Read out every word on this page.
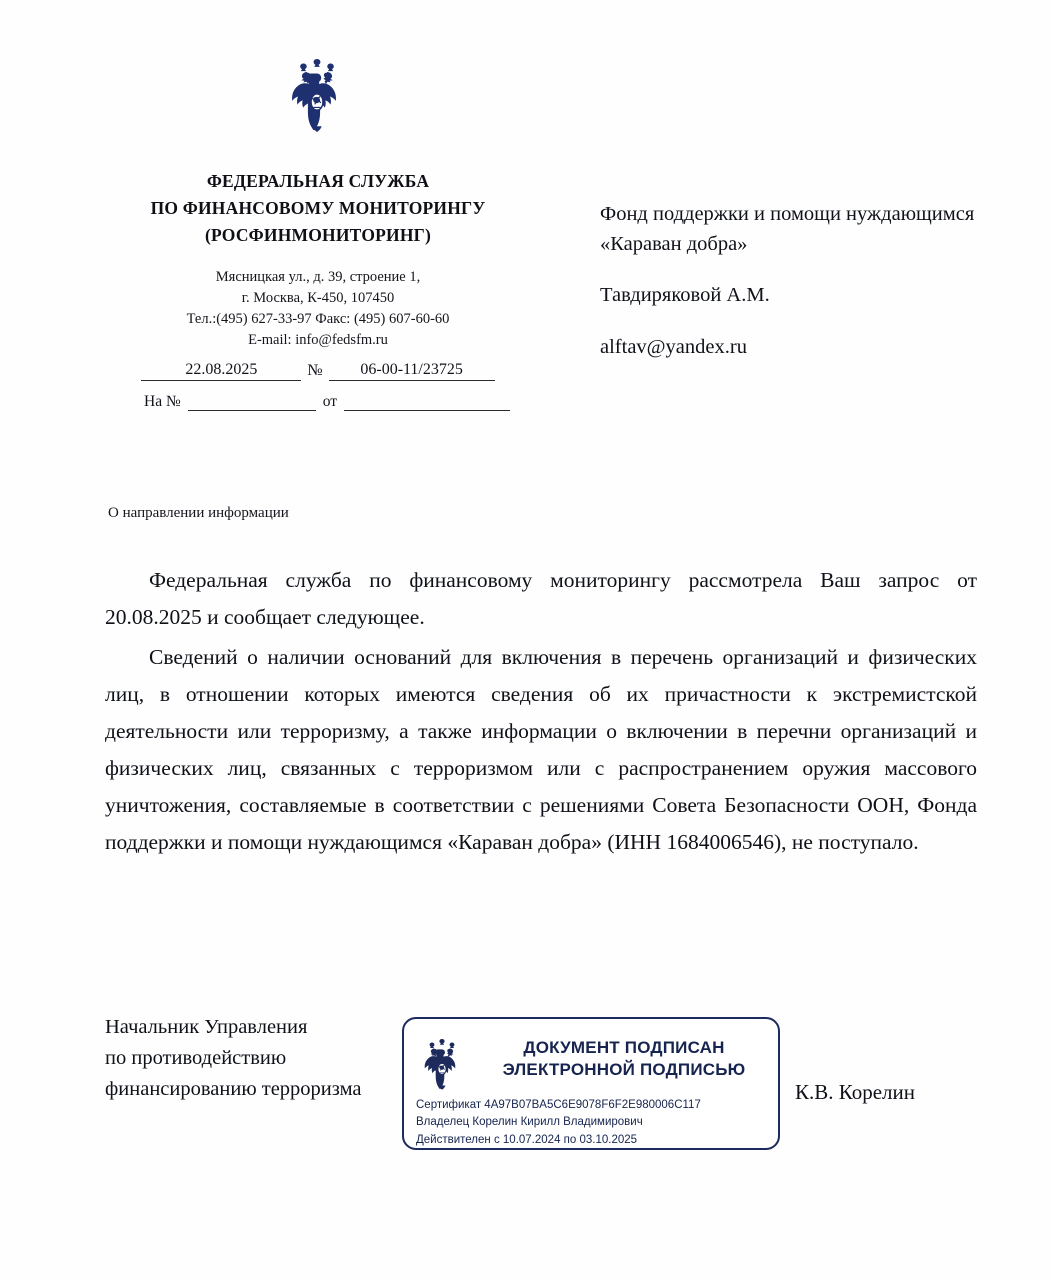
ФЕДЕРАЛЬНАЯ СЛУЖБА
ПО ФИНАНСОВОМУ МОНИТОРИНГУ
(РОСФИНМОНИТОРИНГ)
Мясницкая ул., д. 39, строение 1,
г. Москва, К-450, 107450
Тел.:(495) 627-33-97 Факс: (495) 607-60-60
E-mail: info@fedsfm.ru
22.08.2025	№	06-00-11/23725
На №	от

Фонд поддержки и помощи нуждающимся «Караван добра»

Тавдиряковой А.М.

alftav@yandex.ru

О направлении информации

Федеральная служба по финансовому мониторингу рассмотрела Ваш запрос от 20.08.2025 и сообщает следующее.

Сведений о наличии оснований для включения в перечень организаций и физических лиц, в отношении которых имеются сведения об их причастности к экстремистской деятельности или терроризму, а также информации о включении в перечни организаций и физических лиц, связанных с терроризмом или с распространением оружия массового уничтожения, составляемые в соответствии с решениями Совета Безопасности ООН, Фонда поддержки и помощи нуждающимся «Караван добра» (ИНН 1684006546), не поступало.

Начальник Управления
по противодействию
финансированию терроризма	К.В. Корелин
ДОКУМЕНТ ПОДПИСАН
ЭЛЕКТРОННОЙ ПОДПИСЬЮ
Сертификат 4A97B07BA5C6E9078F6F2E980006C117
Владелец Корелин Кирилл Владимирович
Действителен с 10.07.2024 по 03.10.2025
